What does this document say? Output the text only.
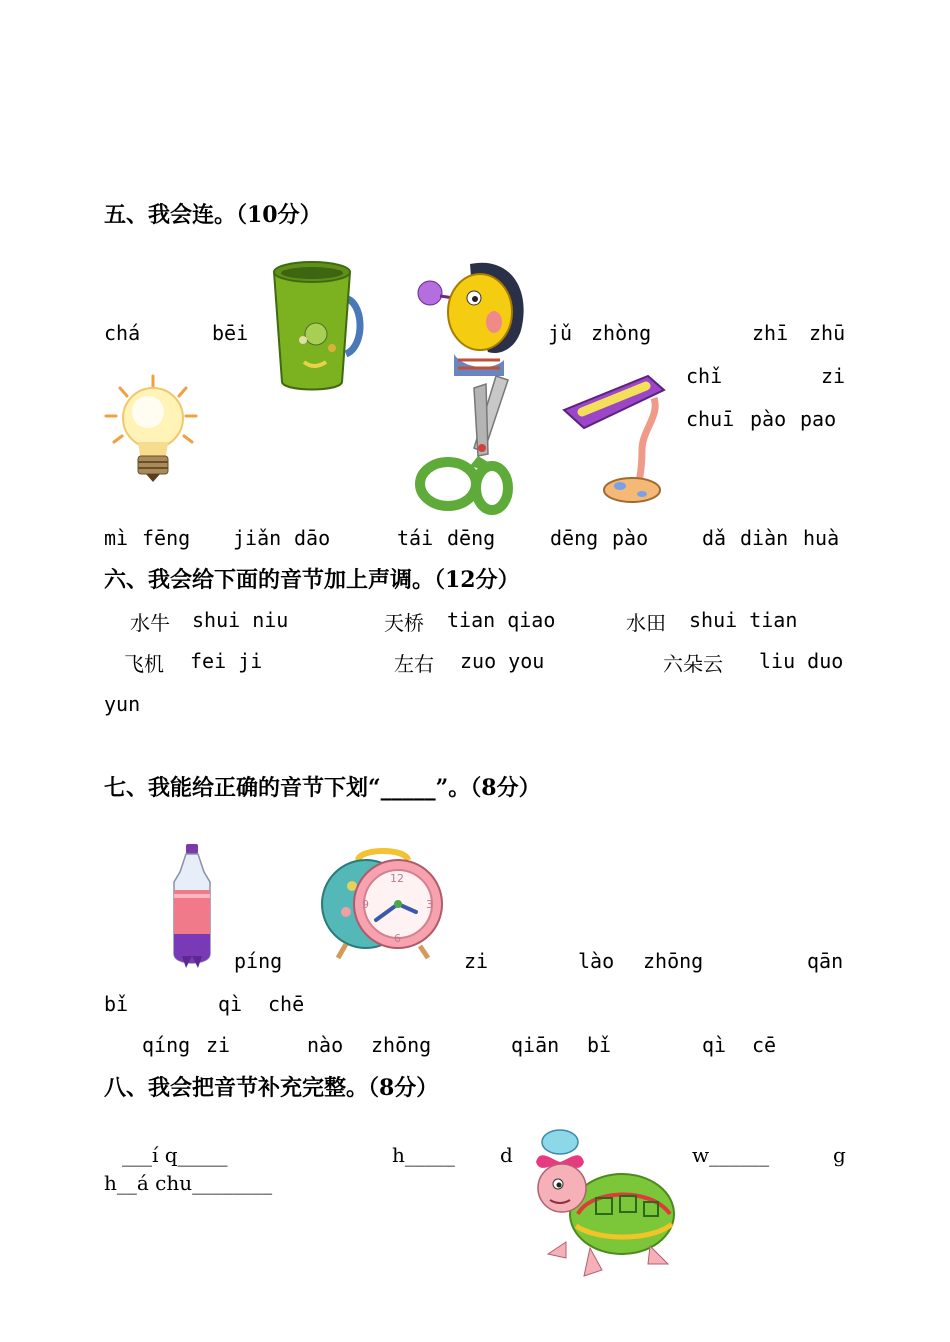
五、我会连。（10分）
chá	bēi	jǔ zhòng	zhī zhū
chǐ	zi
chuī pào pao
mì fēng jiǎn dāo	tái dēng	dēng pào	dǎ diàn huà
六、我会给下面的音节加上声调。（12分）
水牛 shui niu	天桥 tian qiao	水田 shui tian
飞机 fei ji	左右 zuo you	六朵云 liu duo
yun
七、我能给正确的音节下划“_____”。（8分）
12
3
6
9
píng	zi	lào zhōng	qān
bǐ	qì chē
qíng zi	nào zhōng	qiān bǐ	qì cē
八、我会把音节补充完整。（8分）
___í q_____	h_____ d	w______	g
h__á chu________
